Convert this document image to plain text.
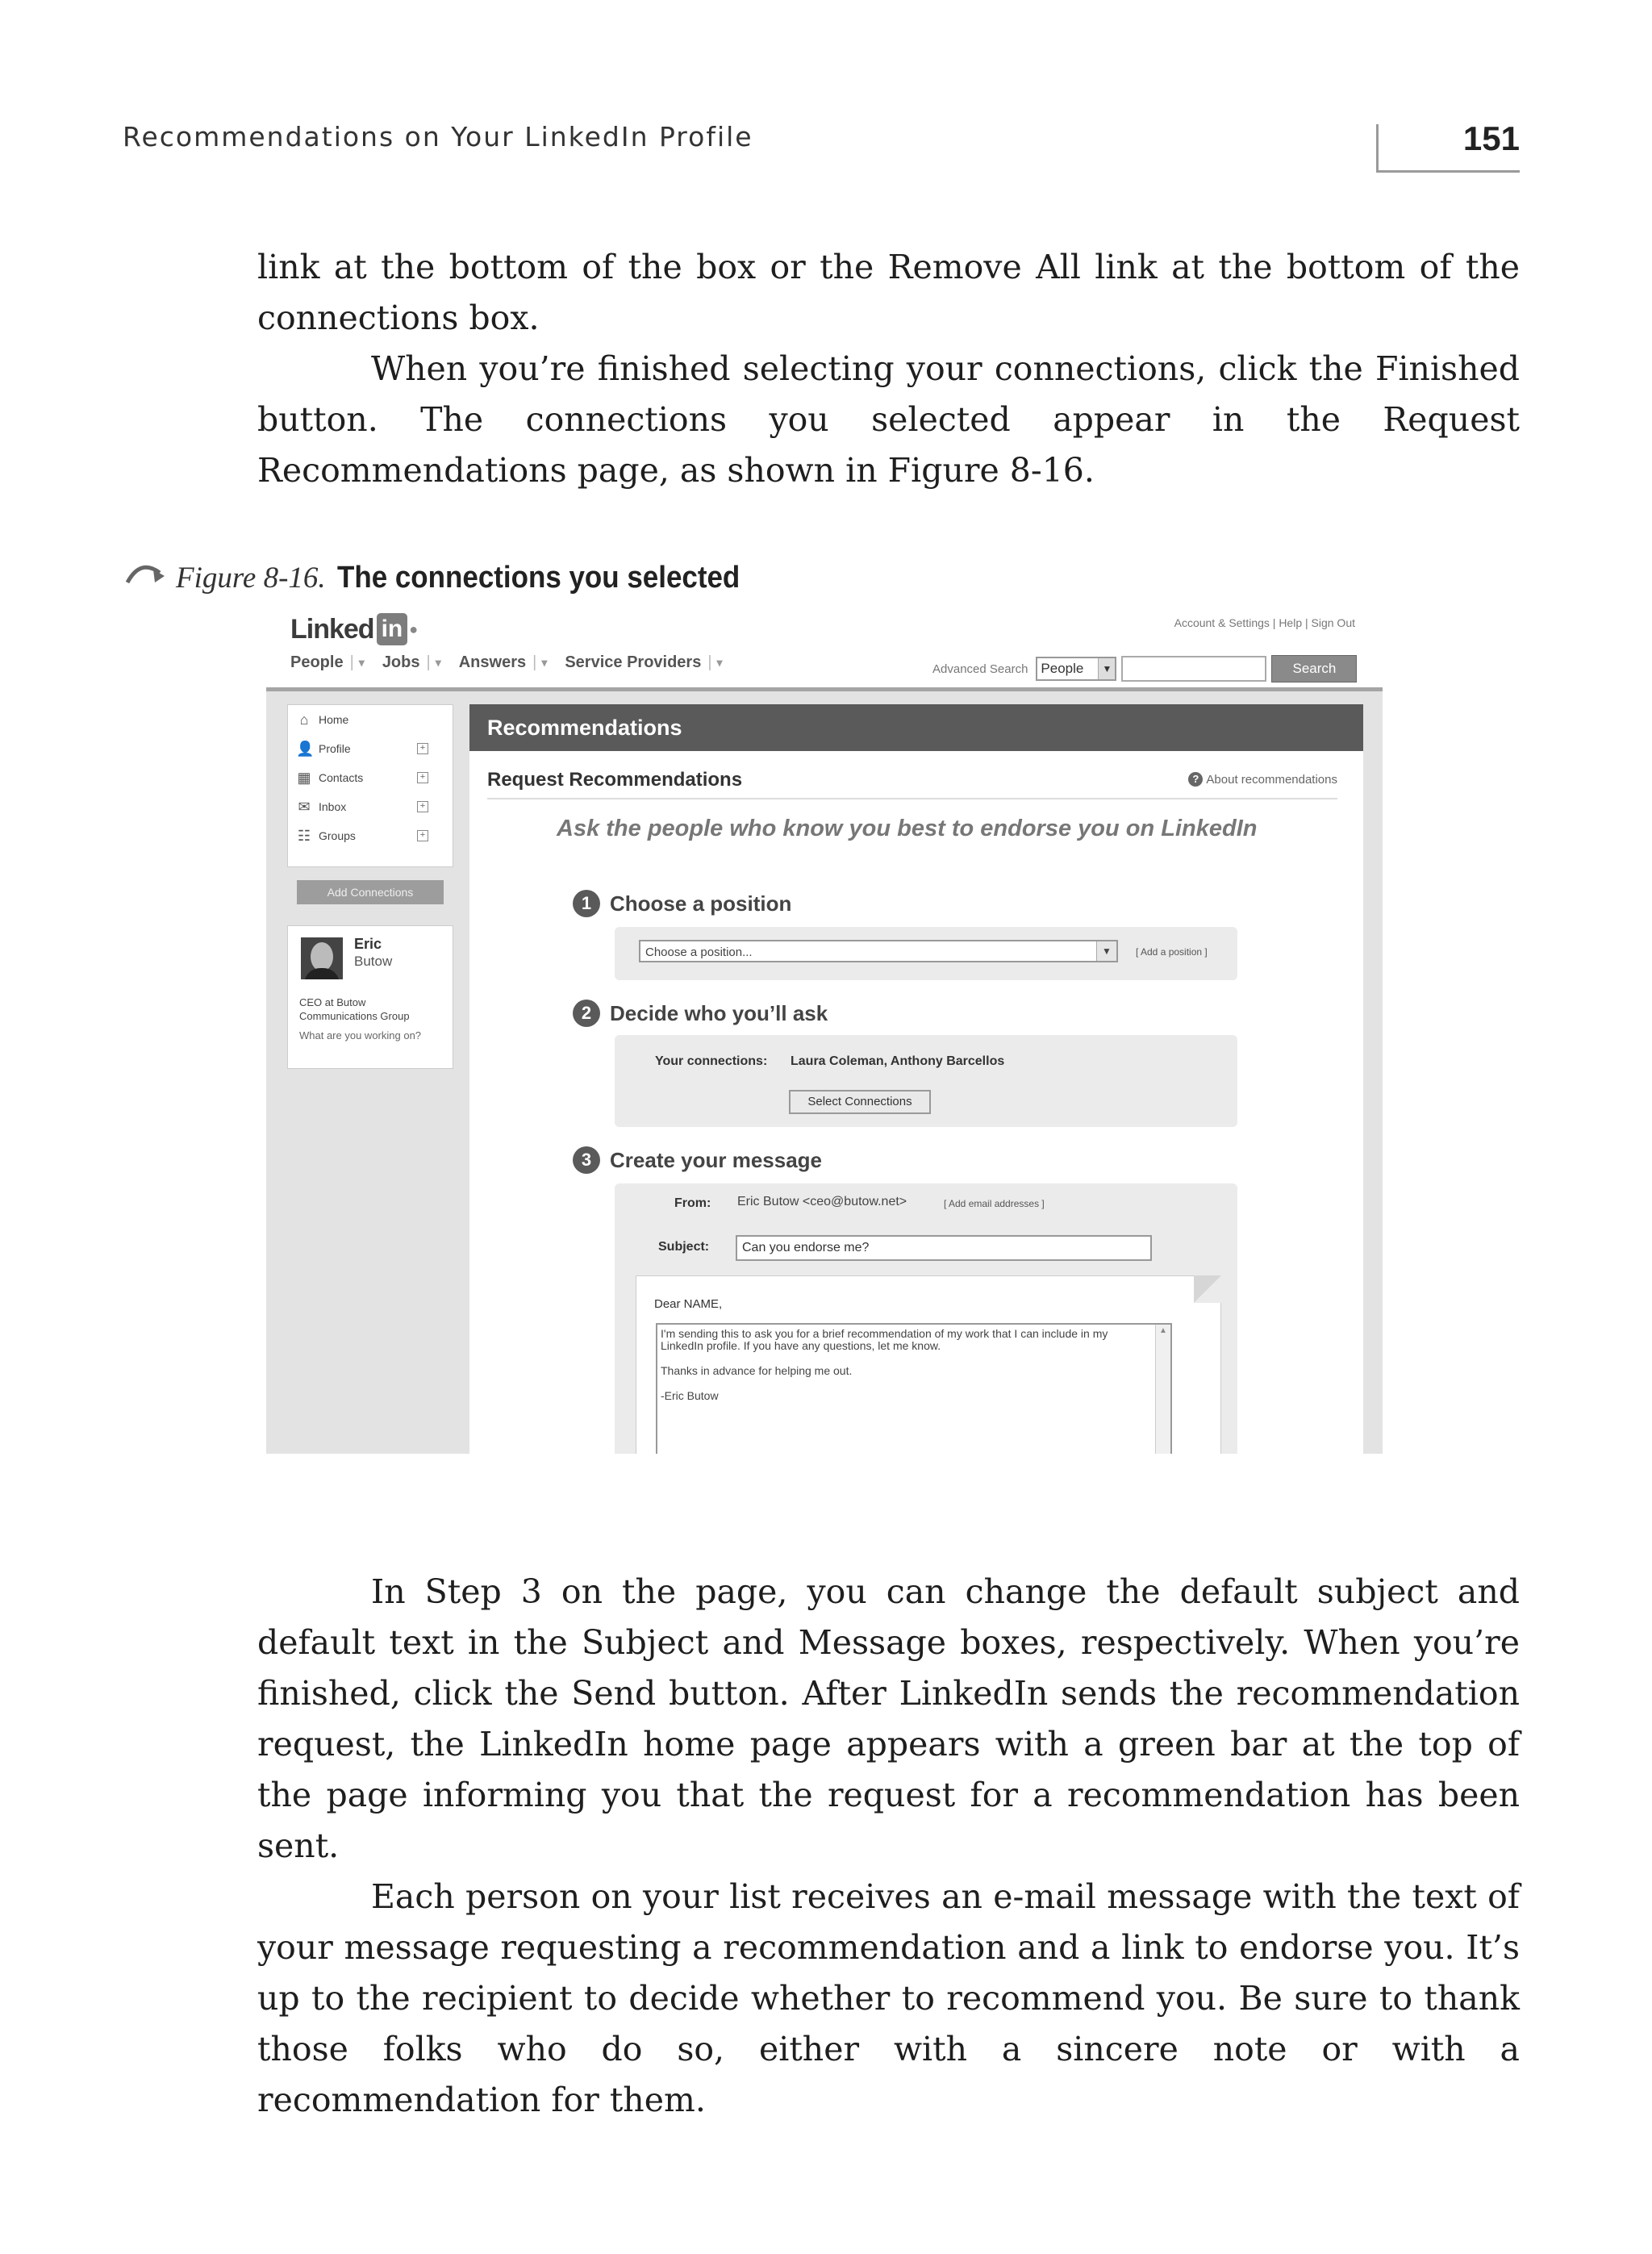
Recommendations on Your LinkedIn Profile	151

link at the bottom of the box or the Remove All link at the bottom of the connections box.

When you’re finished selecting your connections, click the Finished button. The connections you selected appear in the Request Recommendations page, as shown in Figure 8-16.

Figure 8-16. The connections you selected
Linked in ●	Account & Settings | Help | Sign Out
People | ▾ Jobs | ▾ Answers | ▾ Service Providers | ▾	Advanced Search People	▼	Search
⌂ Home
👤 Profile	+
▦ Contacts	+
✉ Inbox	+
☷ Groups	+
Add Connections
Eric
Butow
CEO at Butow Communications Group
What are you working on?
Recommendations
Request Recommendations	? About recommendations
Ask the people who know you best to endorse you on LinkedIn
1 Choose a position
Choose a position...	▼	[ Add a position ]
2 Decide who you’ll ask
Your connections: Laura Coleman, Anthony Barcellos
Select Connections
3 Create your message
From: Eric Butow <ceo@butow.net>	[ Add email addresses ]
Subject:	Can you endorse me?
Dear NAME,

I'm sending this to ask you for a brief recommendation of my work that I can include in my LinkedIn profile. If you have any questions, let me know.

Thanks in advance for helping me out.

-Eric Butow

▲

In Step 3 on the page, you can change the default subject and default text in the Subject and Message boxes, respectively. When you’re finished, click the Send button. After LinkedIn sends the recommendation request, the LinkedIn home page appears with a green bar at the top of the page informing you that the request for a recommendation has been sent.

Each person on your list receives an e-mail message with the text of your message requesting a recommendation and a link to endorse you. It’s up to the recipient to decide whether to recommend you. Be sure to thank those folks who do so, either with a sincere note or with a recommendation for them.
